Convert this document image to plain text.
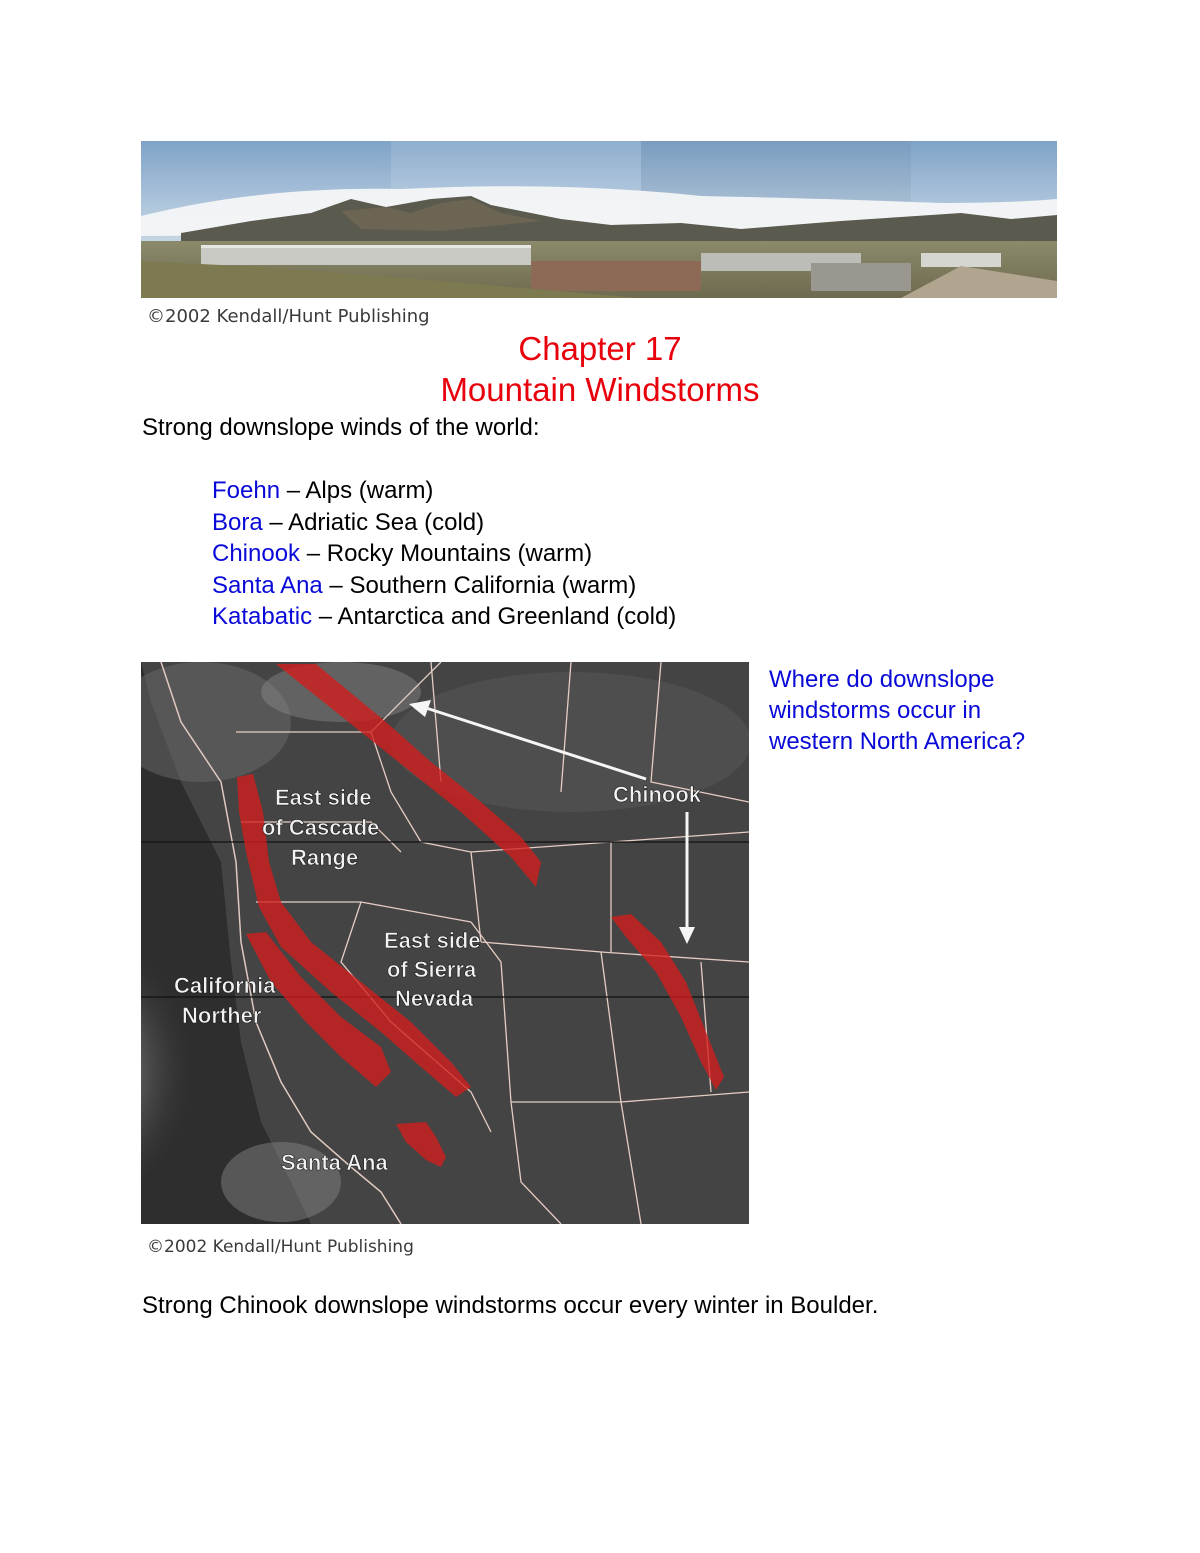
©2002 Kendall/Hunt Publishing
Chapter 17
Mountain Windstorms
Strong downslope winds of the world:
Foehn – Alps (warm)
Bora – Adriatic Sea (cold)
Chinook – Rocky Mountains (warm)
Santa Ana – Southern California (warm)
Katabatic – Antarctica and Greenland (cold)
Chinook
East side
of Cascade
Range
East side
of Sierra
Nevada
California
Norther
Santa Ana
©2002 Kendall/Hunt Publishing
Where do downslope windstorms occur in western North America?
Strong Chinook downslope windstorms occur every winter in Boulder.
